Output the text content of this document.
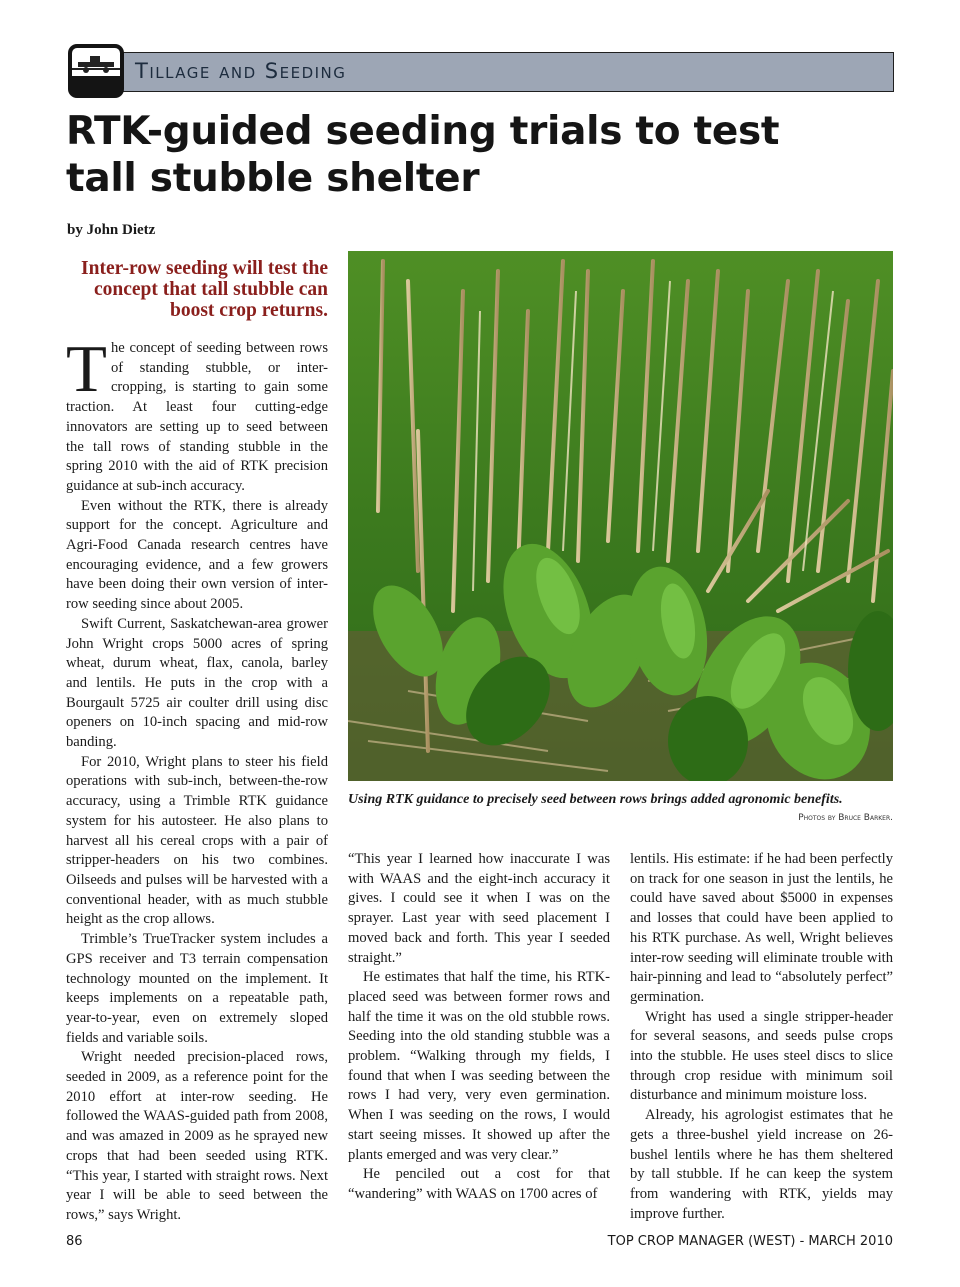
Tillage and Seeding
RTK-guided seeding trials to test
tall stubble shelter
by John Dietz
Inter-row seeding will test the concept that tall stubble can boost crop returns.

The concept of seeding between rows of standing stubble, or inter-cropping, is starting to gain some traction. At least four cutting-edge innovators are setting up to seed between the tall rows of standing stubble in the spring 2010 with the aid of RTK precision guidance at sub-inch accuracy.

Even without the RTK, there is already support for the concept. Agriculture and Agri-Food Canada research centres have encouraging evidence, and a few growers have been doing their own version of inter-row seeding since about 2005.

Swift Current, Saskatchewan-area grower John Wright crops 5000 acres of spring wheat, durum wheat, flax, canola, barley and lentils. He puts in the crop with a Bourgault 5725 air coulter drill using disc openers on 10-inch spacing and mid-row banding.

For 2010, Wright plans to steer his field operations with sub-inch, between-the-row accuracy, using a Trimble RTK guidance system for his autosteer. He also plans to harvest all his cereal crops with a pair of stripper-headers on his two combines. Oilseeds and pulses will be harvested with a conventional header, with as much stubble height as the crop allows.

Trimble’s TrueTracker system includes a GPS receiver and T3 terrain compensation technology mounted on the implement. It keeps implements on a repeatable path, year-to-year, even on extremely sloped fields and variable soils.

Wright needed precision-placed rows, seeded in 2009, as a reference point for the 2010 effort at inter-row seeding. He followed the WAAS-guided path from 2008, and was amazed in 2009 as he sprayed new crops that had been seeded using RTK. “This year, I started with straight rows. Next year I will be able to seed between the rows,” says Wright.

Using RTK guidance to precisely seed between rows brings added agronomic benefits.
Photos by Bruce Barker.

“This year I learned how inaccurate I was with WAAS and the eight-inch accuracy it gives. I could see it when I was on the sprayer. Last year with seed placement I moved back and forth. This year I seeded straight.”

He estimates that half the time, his RTK-placed seed was between former rows and half the time it was on the old stubble rows. Seeding into the old standing stubble was a problem. “Walking through my fields, I found that when I was seeding between the rows I had very, very even germination. When I was seeding on the rows, I would start seeing misses. It showed up after the plants emerged and was very clear.”

He penciled out a cost for that “wandering” with WAAS on 1700 acres of

lentils. His estimate: if he had been perfectly on track for one season in just the lentils, he could have saved about $5000 in expenses and losses that could have been applied to his RTK purchase. As well, Wright believes inter-row seeding will eliminate trouble with hair-pinning and lead to “absolutely perfect” germination.

Wright has used a single stripper-header for several seasons, and seeds pulse crops into the stubble. He uses steel discs to slice through crop residue with minimum soil disturbance and minimum moisture loss.

Already, his agrologist estimates that he gets a three-bushel yield increase on 26-bushel lentils where he has them sheltered by tall stubble. If he can keep the system from wandering with RTK, yields may improve further.

86	TOP CROP MANAGER (WEST) - MARCH 2010
